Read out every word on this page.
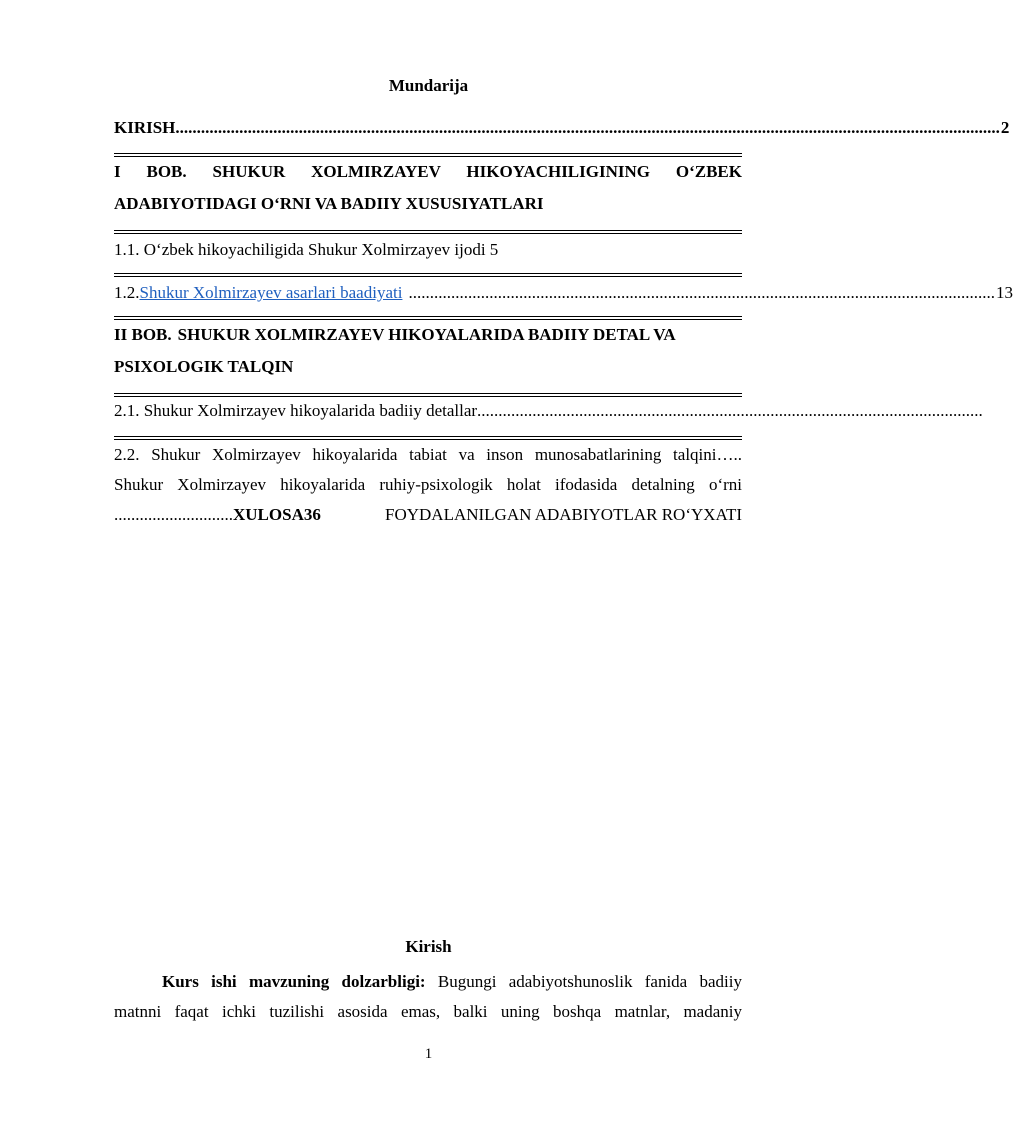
Mundarija
KIRISH .................................................................................................................................................................................................. 2
I BOB. SHUKUR XOLMIRZAYEV HIKOYACHILIGINING O‘ZBEK
ADABIYOTIDAGI O‘RNI VA BADIIY XUSUSIYATLARI
1.1. O‘zbek hikoyachiligida Shukur Xolmirzayev ijodi 5
1.2. Shukur Xolmirzayev asarlari baadiyati .......................................................................................................................................... 13
II BOB. SHUKUR XOLMIRZAYEV HIKOYALARIDA BADIIY DETAL VA
PSIXOLOGIK TALQIN
2.1. Shukur Xolmirzayev hikoyalarida badiiy detallar .......................................................................................................................
2.2. Shukur Xolmirzayev hikoyalarida tabiat va inson munosabatlarining talqini…..
Shukur Xolmirzayev hikoyalarida ruhiy-psixologik holat ifodasida detalning o‘rni
............................XULOSA36	FOYDALANILGAN ADABIYOTLAR RO‘YXATI
Kirish
Kurs ishi mavzuning dolzarbligi: Bugungi adabiyotshunoslik fanida badiiy
matnni faqat ichki tuzilishi asosida emas, balki uning boshqa matnlar, madaniy
1
